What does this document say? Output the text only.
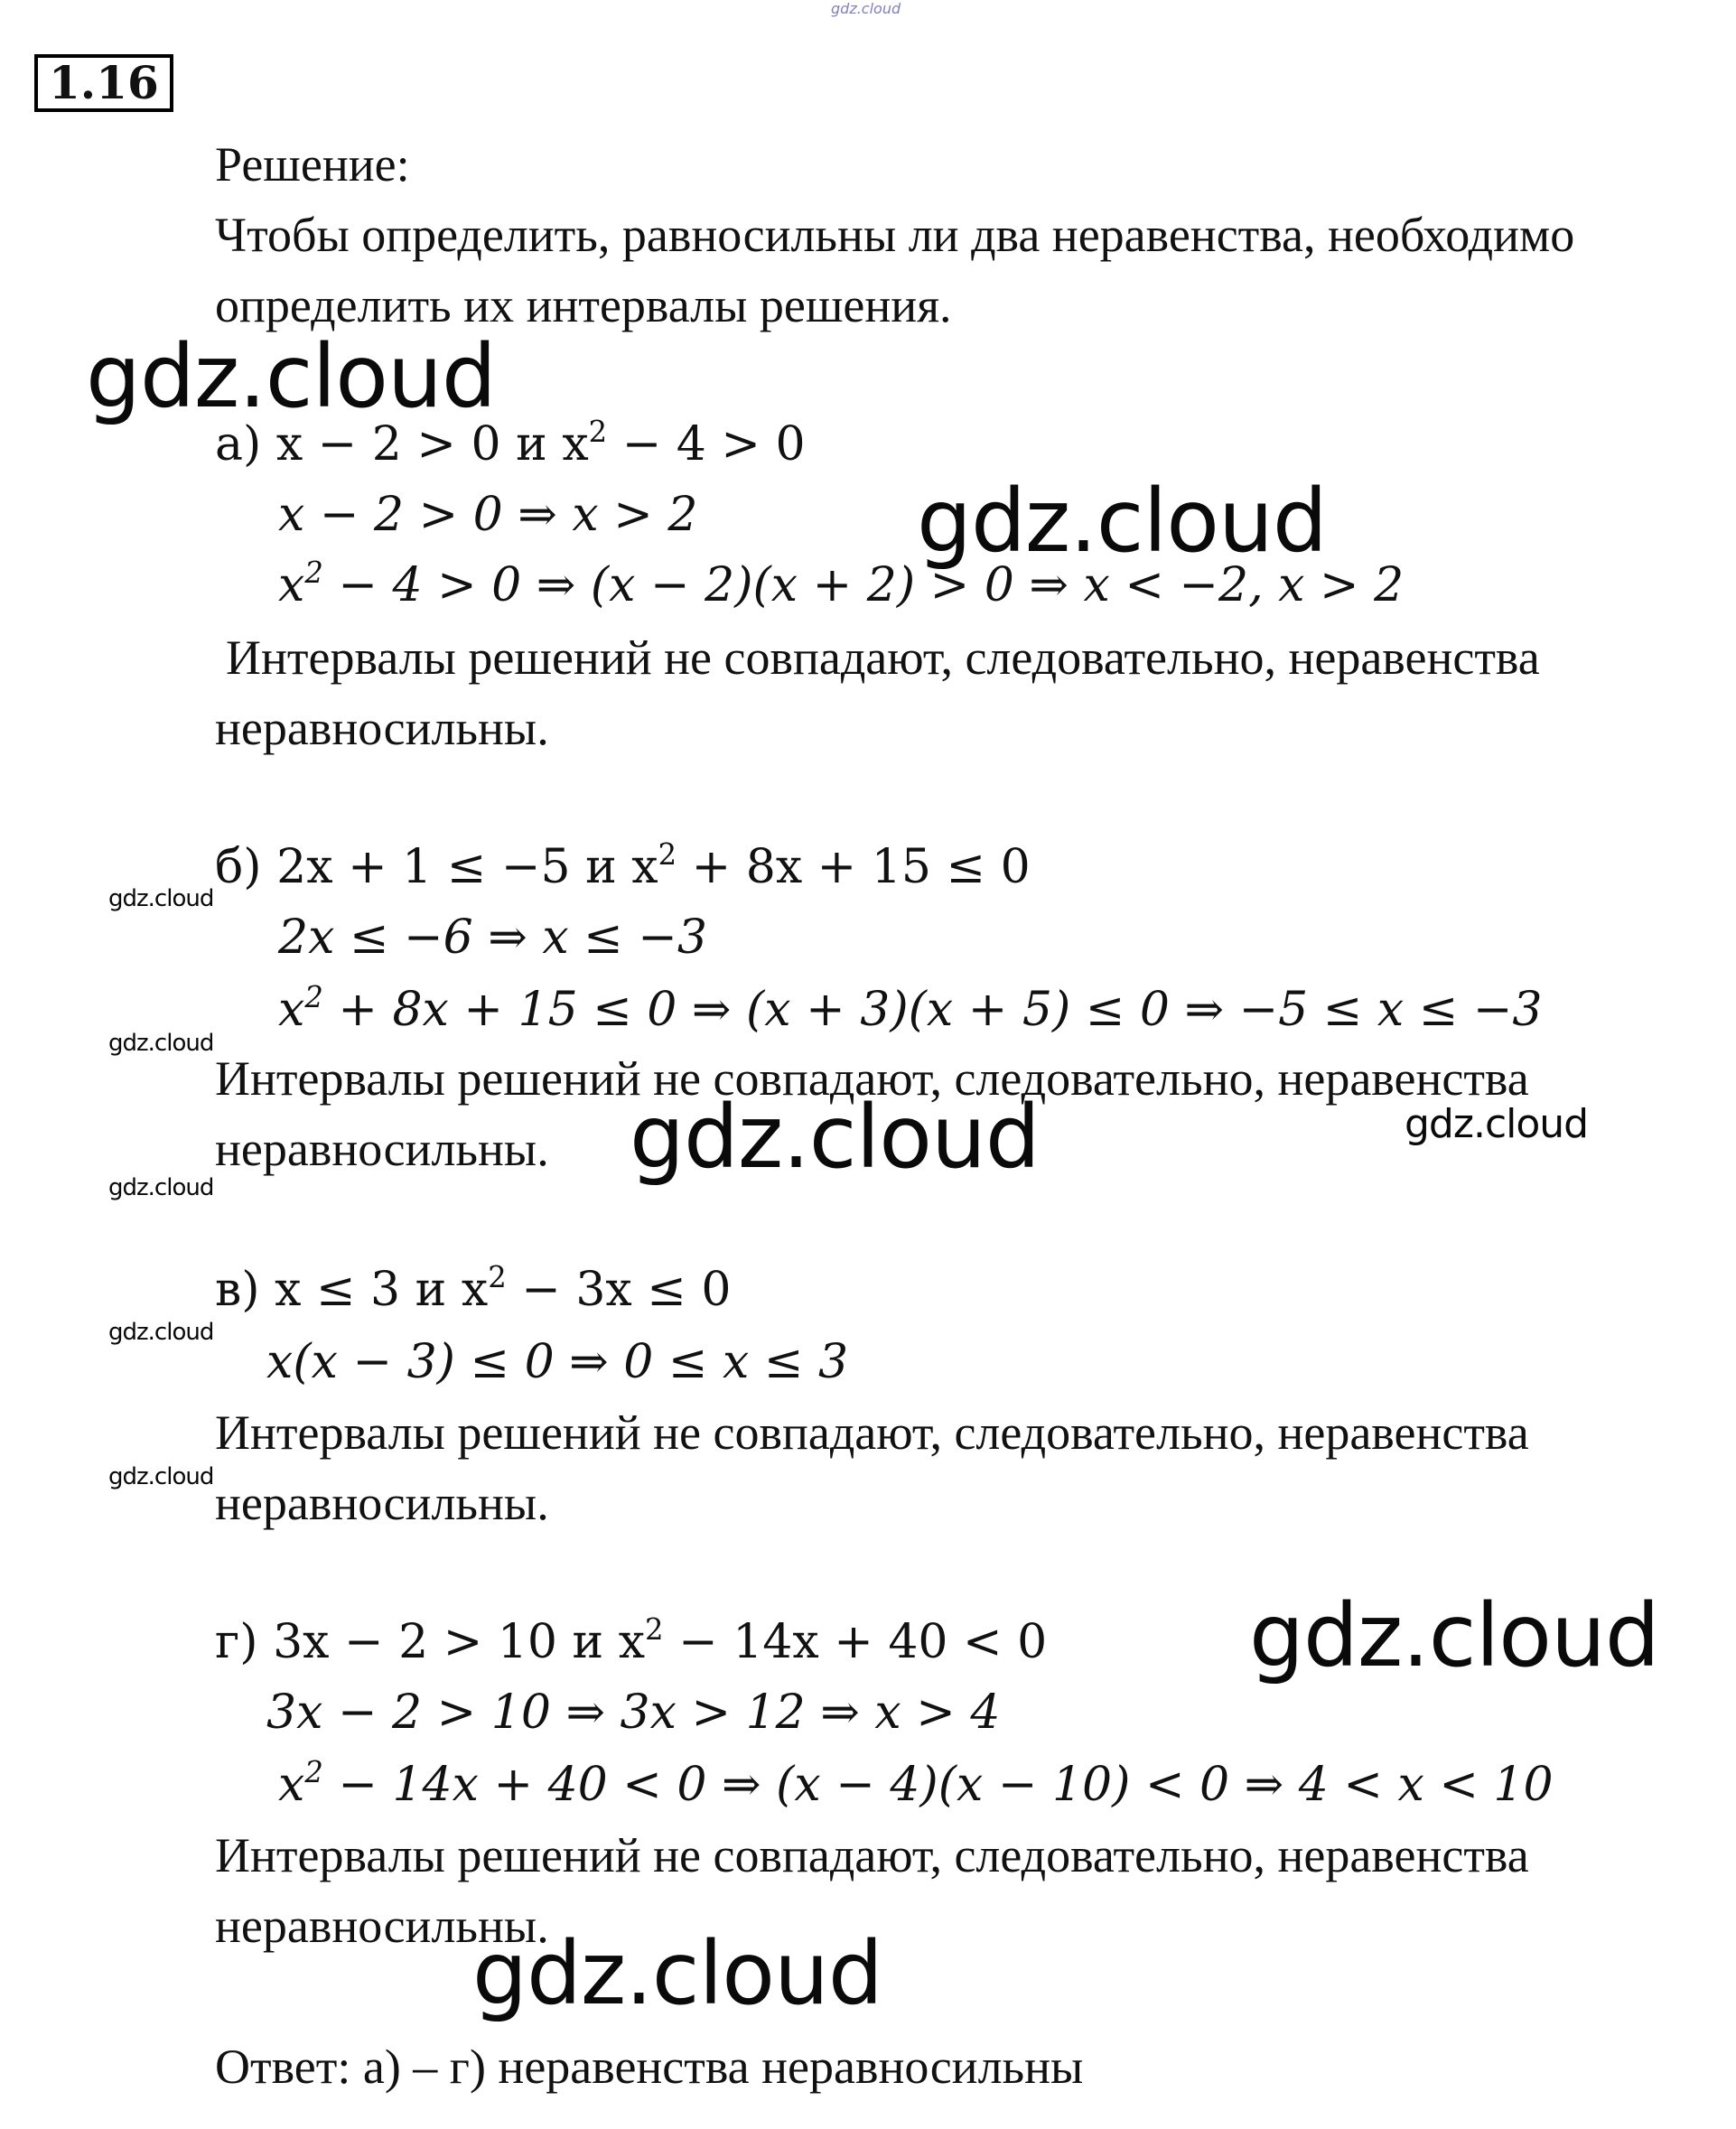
gdz.cloud
1.16
Решение:
Чтобы определить, равносильны ли два неравенства, необходимо
определить их интервалы решения.
gdz.cloud
а) x − 2 > 0 и $x^2 - 4 > 0$
x − 2 > 0 ⇒ x > 2	gdz.cloud
$x^2 - 4 > 0$ ⇒ (x − 2)(x + 2) > 0 ⇒ x < −2, x > 2
Интервалы решений не совпадают, следовательно, неравенства
неравносильны.
gdz.cloud
б) 2x + 1 ≤ −5 и $x^2 + 8x + 15 \le 0$
2x ≤ −6 ⇒ x ≤ −3
$x^2 + 8x + 15 \le 0$ ⇒ (x + 3)(x + 5) ≤ 0 ⇒ −5 ≤ x ≤ −3
gdz.cloud
Интервалы решений не совпадают, следовательно, неравенства
неравносильны. gdz.cloud	gdz.cloud
gdz.cloud
в) x ≤ 3 и $x^2 - 3x \le 0$
gdz.cloud
x(x − 3) ≤ 0 ⇒ 0 ≤ x ≤ 3
Интервалы решений не совпадают, следовательно, неравенства
gdz.cloud неравносильны.
г) 3x − 2 > 10 и $x^2 - 14x + 40 < 0$ gdz.cloud
3x − 2 > 10 ⇒ 3x > 12 ⇒ x > 4
$x^2 - 14x + 40 < 0$ ⇒ (x − 4)(x − 10) < 0 ⇒ 4 < x < 10
Интервалы решений не совпадают, следовательно, неравенства
неравносильны.
gdz.cloud
Ответ: а) – г) неравенства неравносильны
